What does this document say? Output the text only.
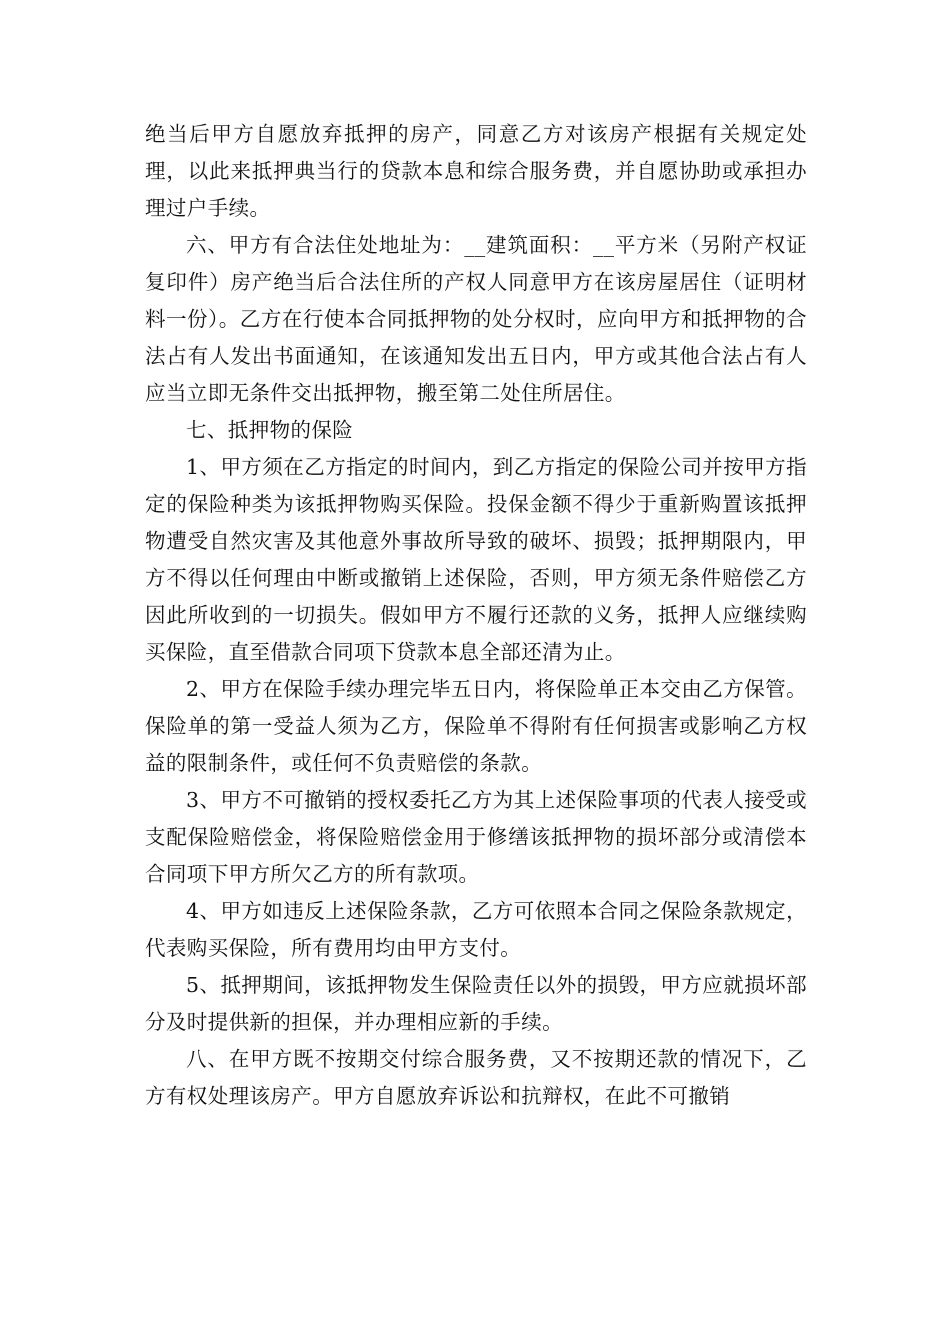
绝当后甲方自愿放弃抵押的房产，同意乙方对该房产根据有关规定处理，以此来抵押典当行的贷款本息和综合服务费，并自愿协助或承担办理过户手续。

六、甲方有合法住处地址为：__建筑面积：__平方米（另附产权证复印件）房产绝当后合法住所的产权人同意甲方在该房屋居住（证明材料一份）。乙方在行使本合同抵押物的处分权时，应向甲方和抵押物的合法占有人发出书面通知，在该通知发出五日内，甲方或其他合法占有人应当立即无条件交出抵押物，搬至第二处住所居住。

七、抵押物的保险

1、甲方须在乙方指定的时间内，到乙方指定的保险公司并按甲方指定的保险种类为该抵押物购买保险。投保金额不得少于重新购置该抵押物遭受自然灾害及其他意外事故所导致的破坏、损毁；抵押期限内，甲方不得以任何理由中断或撤销上述保险，否则，甲方须无条件赔偿乙方因此所收到的一切损失。假如甲方不履行还款的义务，抵押人应继续购买保险，直至借款合同项下贷款本息全部还清为止。

2、甲方在保险手续办理完毕五日内，将保险单正本交由乙方保管。保险单的第一受益人须为乙方，保险单不得附有任何损害或影响乙方权益的限制条件，或任何不负责赔偿的条款。

3、甲方不可撤销的授权委托乙方为其上述保险事项的代表人接受或支配保险赔偿金，将保险赔偿金用于修缮该抵押物的损坏部分或清偿本合同项下甲方所欠乙方的所有款项。

4、甲方如违反上述保险条款，乙方可依照本合同之保险条款规定，代表购买保险，所有费用均由甲方支付。

5、抵押期间，该抵押物发生保险责任以外的损毁，甲方应就损坏部分及时提供新的担保，并办理相应新的手续。

八、在甲方既不按期交付综合服务费，又不按期还款的情况下，乙方有权处理该房产。甲方自愿放弃诉讼和抗辩权，在此不可撤销
